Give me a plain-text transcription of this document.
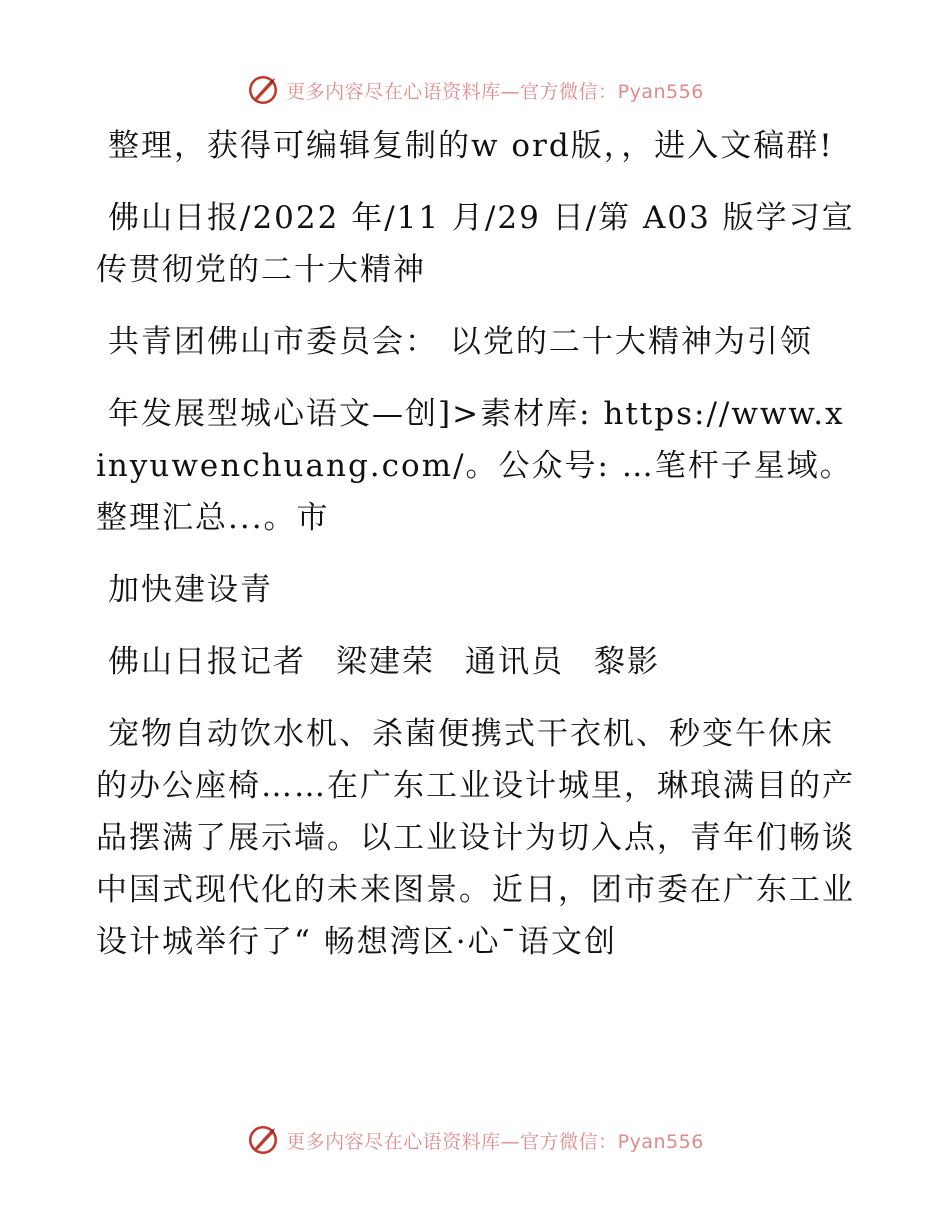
更多内容尽在心语资料库—官方微信：Pyan556

整理，获得可编辑复制的w ord版，，进入文稿群!

佛山日报/2022 年/11 月/29 日/第 A03 版学习宣传贯彻党的二十大精神

共青团佛山市委员会： 以党的二十大精神为引领

年发展型城心语文—创]>素材库: https://www.xinyuwenchuang.com/。公众号: …笔杆子星域。整理汇总...。市

加快建设青

佛山日报记者 梁建荣 通讯员 黎影

宠物自动饮水机、杀菌便携式干衣机、秒变午休床的办公座椅……在广东工业设计城里，琳琅满目的产品摆满了展示墙。以工业设计为切入点，青年们畅谈中国式现代化的未来图景。近日，团市委在广东工业设计城举行了“ 畅想湾区·心¯语文创

更多内容尽在心语资料库—官方微信：Pyan556
